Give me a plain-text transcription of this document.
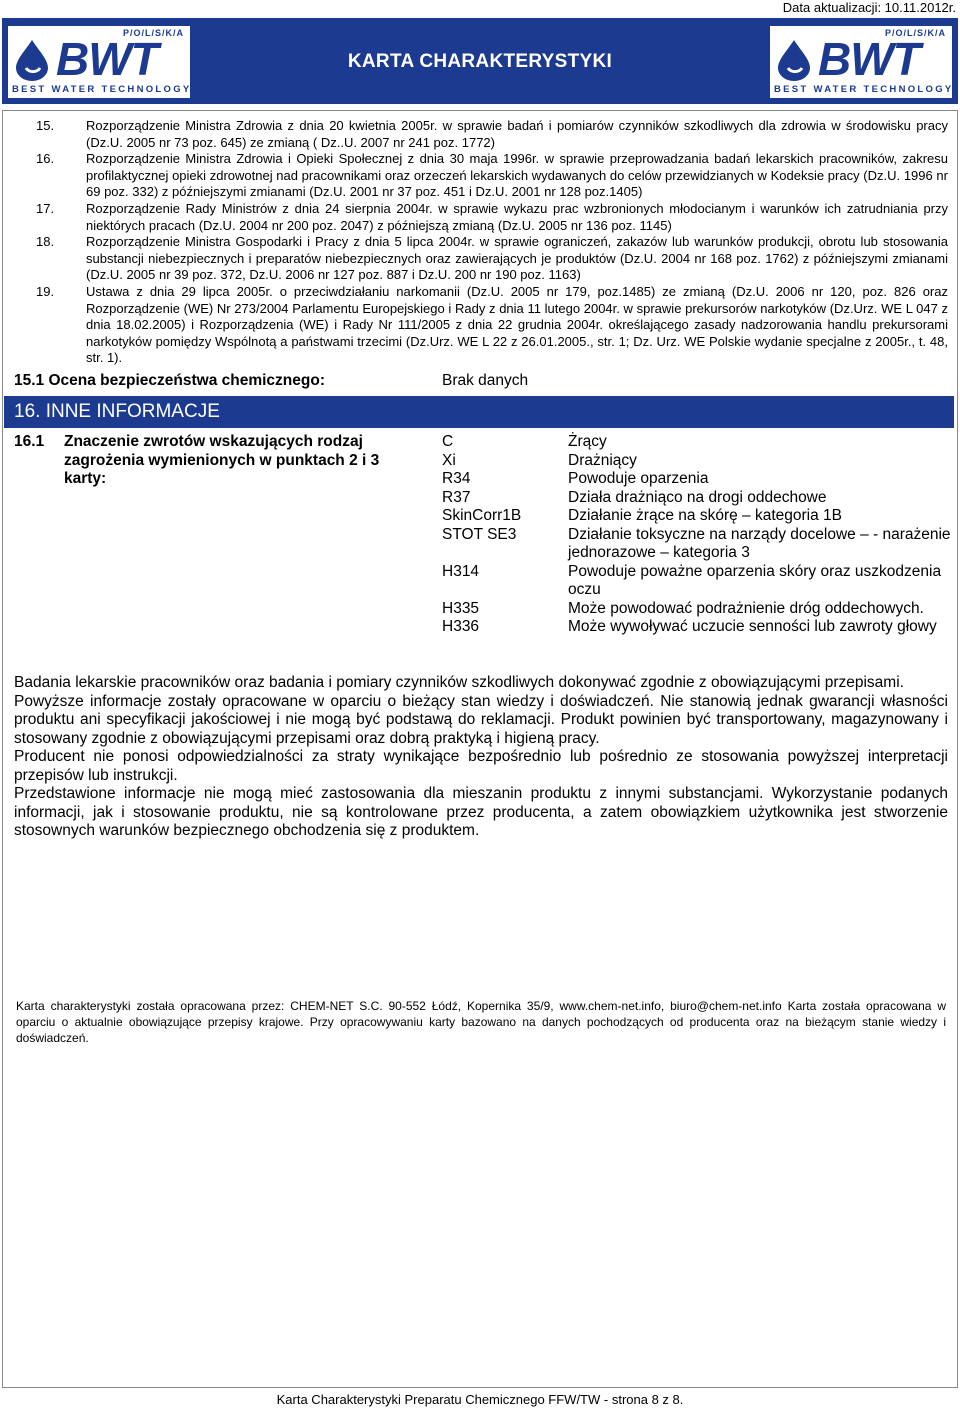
Data aktualizacji: 10.11.2012r.
P/O/L/S/K/A
BWT
BEST WATER TECHNOLOGY
KARTA CHARAKTERYSTYKI
P/O/L/S/K/A
BWT
BEST WATER TECHNOLOGY
15.	Rozporządzenie Ministra Zdrowia z dnia 20 kwietnia 2005r. w sprawie badań i pomiarów czynników szkodliwych dla zdrowia w środowisku pracy (Dz.U. 2005 nr 73 poz. 645) ze zmianą ( Dz..U. 2007 nr 241 poz. 1772)
16.	Rozporządzenie Ministra Zdrowia i Opieki Społecznej z dnia 30 maja 1996r. w sprawie przeprowadzania badań lekarskich pracowników, zakresu profilaktycznej opieki zdrowotnej nad pracownikami oraz orzeczeń lekarskich wydawanych do celów przewidzianych w Kodeksie pracy (Dz.U. 1996 nr 69 poz. 332) z późniejszymi zmianami (Dz.U. 2001 nr 37 poz. 451 i Dz.U. 2001 nr 128 poz.1405)
17.	Rozporządzenie Rady Ministrów z dnia 24 sierpnia 2004r. w sprawie wykazu prac wzbronionych młodocianym i warunków ich zatrudniania przy niektórych pracach (Dz.U. 2004 nr 200 poz. 2047) z późniejszą zmianą (Dz.U. 2005 nr 136 poz. 1145)
18.	Rozporządzenie Ministra Gospodarki i Pracy z dnia 5 lipca 2004r. w sprawie ograniczeń, zakazów lub warunków produkcji, obrotu lub stosowania substancji niebezpiecznych i preparatów niebezpiecznych oraz zawierających je produktów (Dz.U. 2004 nr 168 poz. 1762) z późniejszymi zmianami (Dz.U. 2005 nr 39 poz. 372, Dz.U. 2006 nr 127 poz. 887 i Dz.U. 200 nr 190 poz. 1163)
19.	Ustawa z dnia 29 lipca 2005r. o przeciwdziałaniu narkomanii (Dz.U. 2005 nr 179, poz.1485) ze zmianą (Dz.U. 2006 nr 120, poz. 826 oraz Rozporządzenie (WE) Nr 273/2004 Parlamentu Europejskiego i Rady z dnia 11 lutego 2004r. w sprawie prekursorów narkotyków (Dz.Urz. WE L 047 z dnia 18.02.2005) i Rozporządzenia (WE) i Rady Nr 111/2005 z dnia 22 grudnia 2004r. określającego zasady nadzorowania handlu prekursorami narkotyków pomiędzy Wspólnotą a państwami trzecimi (Dz.Urz. WE L 22 z 26.01.2005., str. 1; Dz. Urz. WE Polskie wydanie specjalne z 2005r., t. 48, str. 1).
15.1 Ocena bezpieczeństwa chemicznego:	Brak danych
16. INNE INFORMACJE
16.1 Znaczenie zwrotów wskazujących rodzaj zagrożenia wymienionych w punktach 2 i 3 karty:
C	Żrący
Xi	Drażniący
R34	Powoduje oparzenia
R37	Działa drażniąco na drogi oddechowe
SkinCorr1B	Działanie żrące na skórę – kategoria 1B
STOT SE3	Działanie toksyczne na narządy docelowe – - narażenie jednorazowe – kategoria 3
H314	Powoduje poważne oparzenia skóry oraz uszkodzenia oczu
H335	Może powodować podrażnienie dróg oddechowych.
H336	Może wywoływać uczucie senności lub zawroty głowy

Badania lekarskie pracowników oraz badania i pomiary czynników szkodliwych dokonywać zgodnie z obowiązującymi przepisami.

Powyższe informacje zostały opracowane w oparciu o bieżący stan wiedzy i doświadczeń. Nie stanowią jednak gwarancji własności produktu ani specyfikacji jakościowej i nie mogą być podstawą do reklamacji. Produkt powinien być transportowany, magazynowany i stosowany zgodnie z obowiązującymi przepisami oraz dobrą praktyką i higieną pracy.

Producent nie ponosi odpowiedzialności za straty wynikające bezpośrednio lub pośrednio ze stosowania powyższej interpretacji przepisów lub instrukcji.

Przedstawione informacje nie mogą mieć zastosowania dla mieszanin produktu z innymi substancjami. Wykorzystanie podanych informacji, jak i stosowanie produktu, nie są kontrolowane przez producenta, a zatem obowiązkiem użytkownika jest stworzenie stosownych warunków bezpiecznego obchodzenia się z produktem.

Karta charakterystyki została opracowana przez: CHEM-NET S.C. 90-552 Łódź, Kopernika 35/9, www.chem-net.info, biuro@chem-net.info Karta została opracowana w oparciu o aktualnie obowiązujące przepisy krajowe. Przy opracowywaniu karty bazowano na danych pochodzących od producenta oraz na bieżącym stanie wiedzy i doświadczeń.
Karta Charakterystyki Preparatu Chemicznego FFW/TW - strona 8 z 8.
